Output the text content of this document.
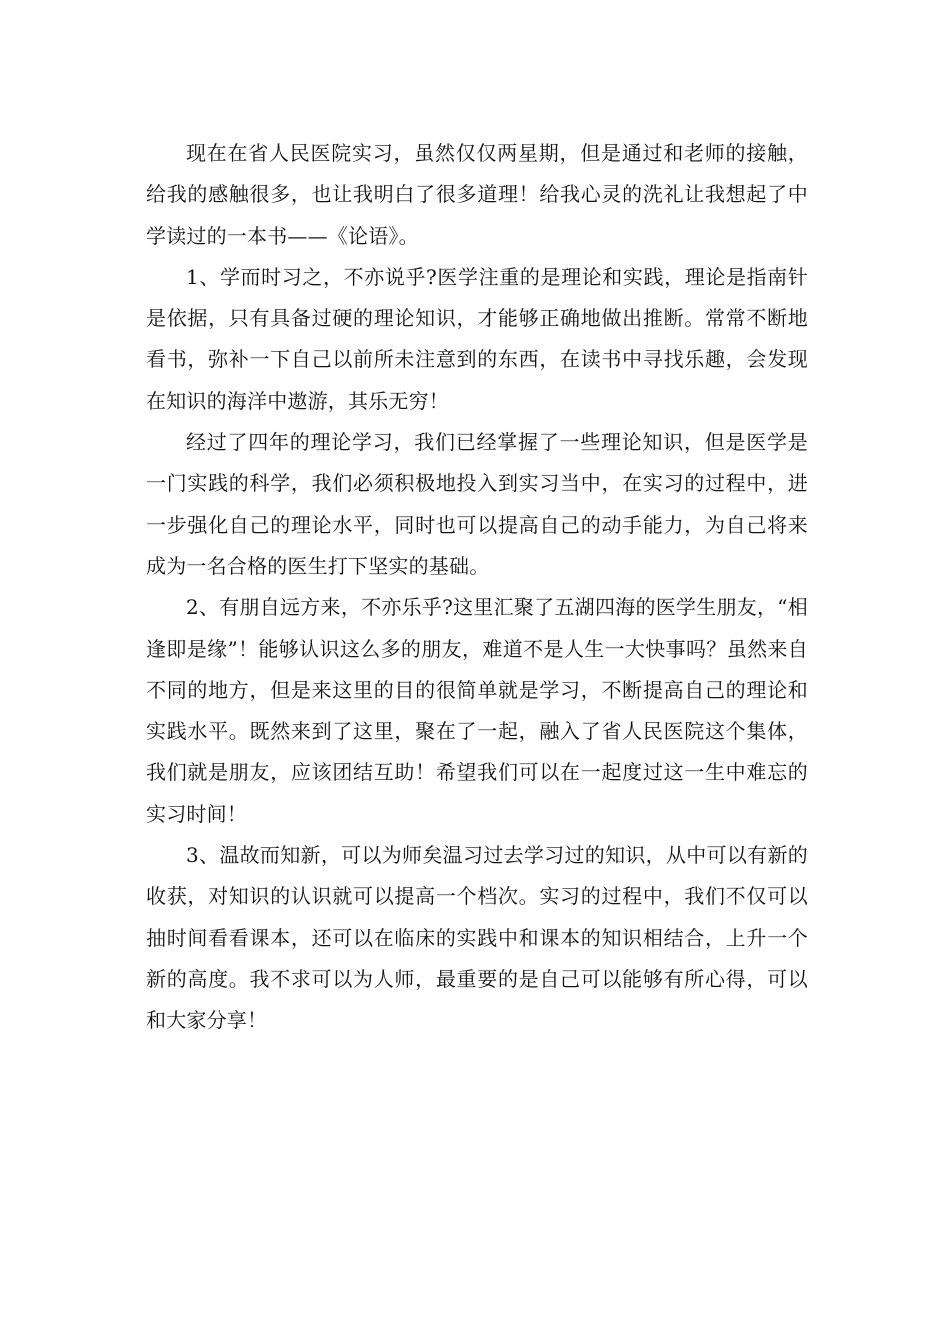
现在在省人民医院实习，虽然仅仅两星期，但是通过和老师的接触，给我的感触很多，也让我明白了很多道理！给我心灵的洗礼让我想起了中学读过的一本书——《论语》。

1、学而时习之，不亦说乎?医学注重的是理论和实践，理论是指南针是依据，只有具备过硬的理论知识，才能够正确地做出推断。常常不断地看书，弥补一下自己以前所未注意到的东西，在读书中寻找乐趣，会发现在知识的海洋中遨游，其乐无穷！

经过了四年的理论学习，我们已经掌握了一些理论知识，但是医学是一门实践的科学，我们必须积极地投入到实习当中，在实习的过程中，进一步强化自己的理论水平，同时也可以提高自己的动手能力，为自己将来成为一名合格的医生打下坚实的基础。

2、有朋自远方来，不亦乐乎?这里汇聚了五湖四海的医学生朋友，“相逢即是缘”！能够认识这么多的朋友，难道不是人生一大快事吗？虽然来自不同的地方，但是来这里的目的很简单就是学习，不断提高自己的理论和实践水平。既然来到了这里，聚在了一起，融入了省人民医院这个集体，我们就是朋友，应该团结互助！希望我们可以在一起度过这一生中难忘的实习时间！

3、温故而知新，可以为师矣温习过去学习过的知识，从中可以有新的收获，对知识的认识就可以提高一个档次。实习的过程中，我们不仅可以抽时间看看课本，还可以在临床的实践中和课本的知识相结合，上升一个新的高度。我不求可以为人师，最重要的是自己可以能够有所心得，可以和大家分享！
